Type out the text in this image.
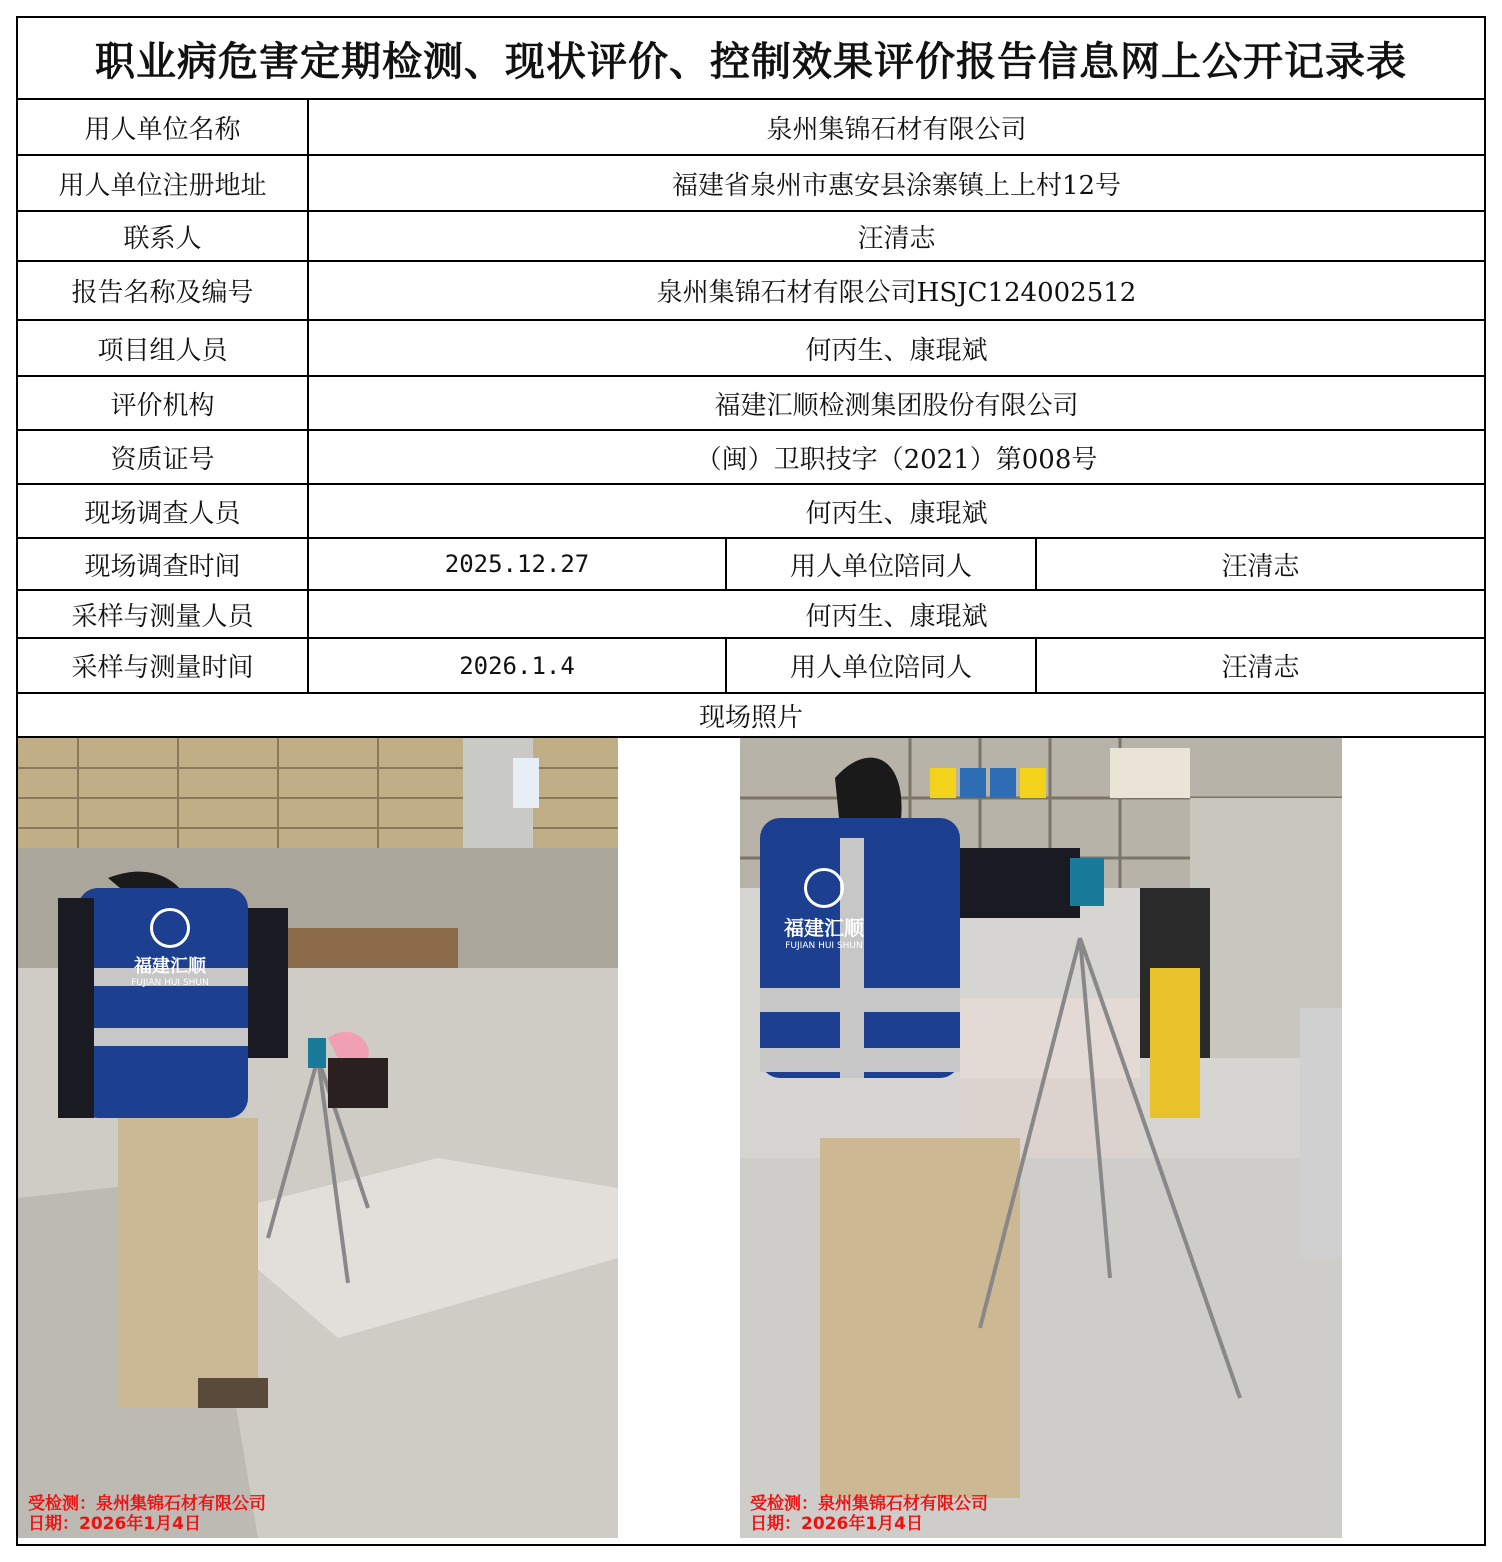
职业病危害定期检测、现状评价、控制效果评价报告信息网上公开记录表
用人单位名称	泉州集锦石材有限公司
用人单位注册地址	福建省泉州市惠安县涂寨镇上上村12号
联系人	汪清志
报告名称及编号	泉州集锦石材有限公司HSJC124002512
项目组人员	何丙生、康琨斌
评价机构	福建汇顺检测集团股份有限公司
资质证号	（闽）卫职技字（2021）第008号
现场调查人员	何丙生、康琨斌
现场调查时间	2025.12.27	用人单位陪同人	汪清志
采样与测量人员	何丙生、康琨斌
采样与测量时间	2026.1.4	用人单位陪同人	汪清志
现场照片
福建汇顺
FUJIAN HUI SHUN
受检测：泉州集锦石材有限公司
日期：2026年1月4日
福建汇顺
FUJIAN HUI SHUN
受检测：泉州集锦石材有限公司
日期：2026年1月4日
